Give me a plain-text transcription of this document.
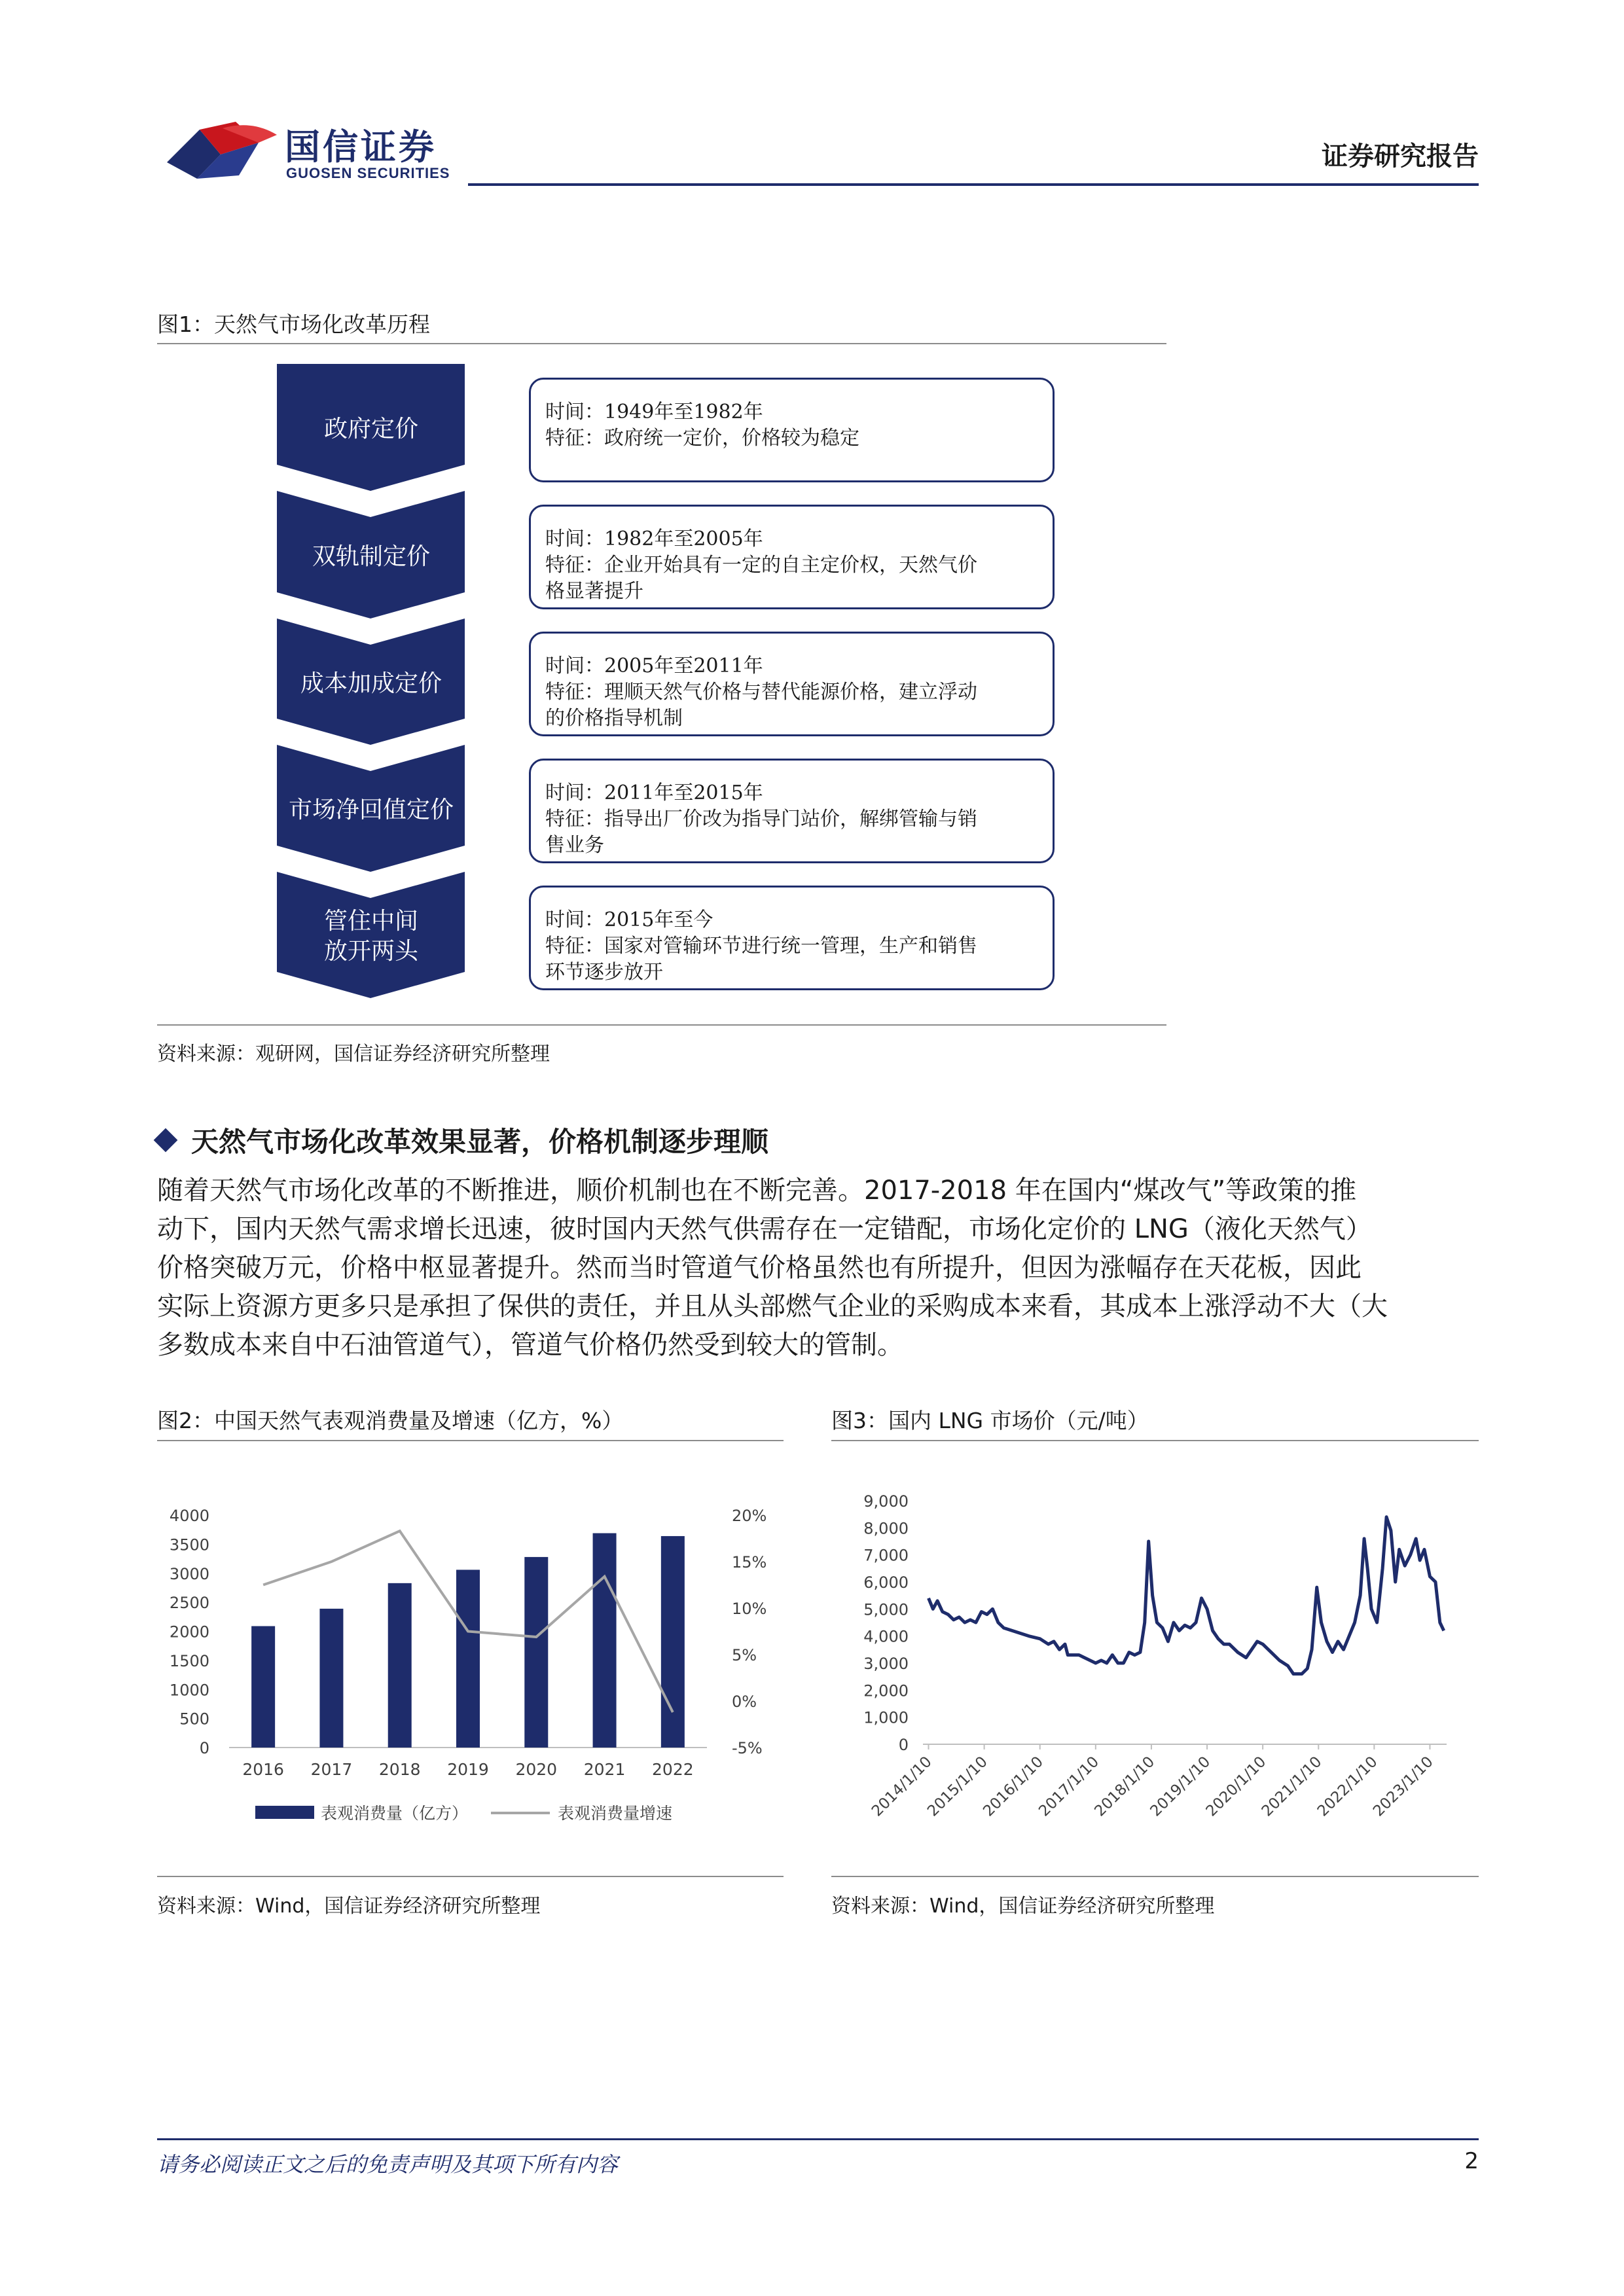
国信证券
GUOSEN SECURITIES
证券研究报告
图1：天然气市场化改革历程
政府定价
双轨制定价
成本加成定价
市场净回值定价
管住中间
放开两头

时间：1949年至1982年

特征：政府统一定价，价格较为稳定

时间：1982年至2005年

特征：企业开始具有一定的自主定价权，天然气价

格显著提升

时间：2005年至2011年

特征：理顺天然气价格与替代能源价格，建立浮动

的价格指导机制

时间：2011年至2015年

特征：指导出厂价改为指导门站价，解绑管输与销

售业务

时间：2015年至今

特征：国家对管输环节进行统一管理，生产和销售

环节逐步放开

资料来源：观研网，国信证券经济研究所整理
天然气市场化改革效果显著，价格机制逐步理顺
随着天然气市场化改革的不断推进，顺价机制也在不断完善。2017-2018 年在国内“煤改气”等政策的推
动下，国内天然气需求增长迅速，彼时国内天然气供需存在一定错配，市场化定价的 LNG（液化天然气）
价格突破万元，价格中枢显著提升。然而当时管道气价格虽然也有所提升，但因为涨幅存在天花板，因此
实际上资源方更多只是承担了保供的责任，并且从头部燃气企业的采购成本来看，其成本上涨浮动不大（大
多数成本来自中石油管道气），管道气价格仍然受到较大的管制。
图2：中国天然气表观消费量及增速（亿方，%）
4000
3500
3000
2500
2000
1500
1000
500
0
20%
15%
10%
5%
0%
-5%
2016 2017 2018 2019 2020 2021 2022
表观消费量（亿方）	表观消费量增速
资料来源：Wind，国信证券经济研究所整理
图3：国内 LNG 市场价（元/吨）
9,000
8,000
7,000
6,000
5,000
4,000
3,000
2,000
1,000
0
2014/1/10
2015/1/10
2016/1/10
2017/1/10
2018/1/10
2019/1/10
2020/1/10
2021/1/10
2022/1/10
2023/1/10
资料来源：Wind，国信证券经济研究所整理
请务必阅读正文之后的免责声明及其项下所有内容	2
